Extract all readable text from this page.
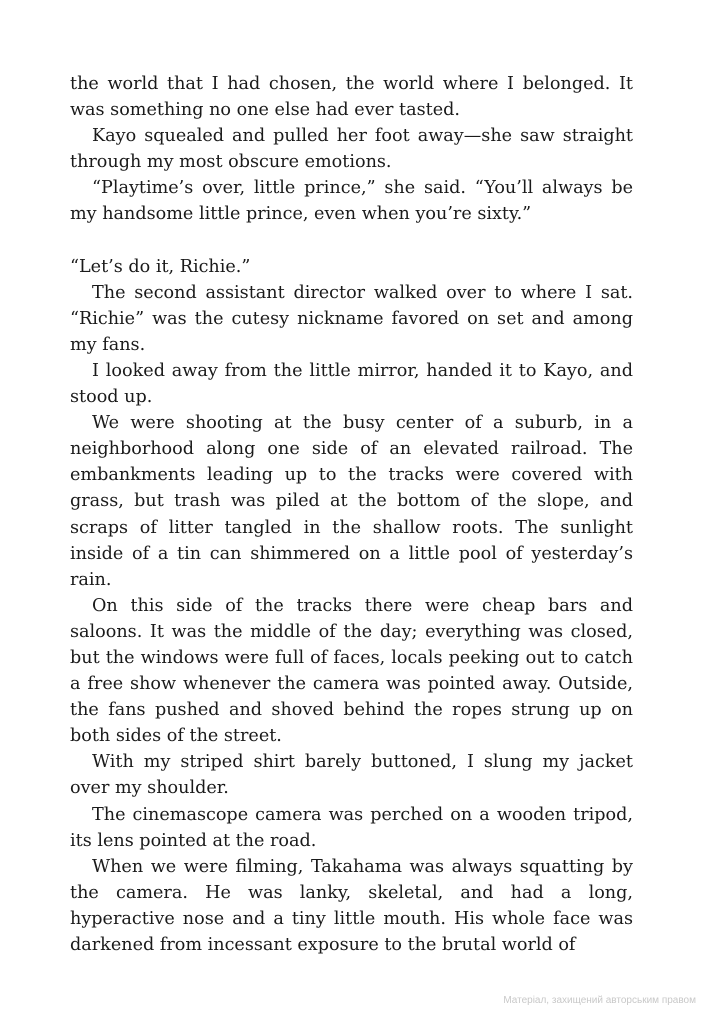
the world that I had chosen, the world where I belonged. It was something no one else had ever tasted.

Kayo squealed and pulled her foot away—she saw straight through my most obscure emotions.

“Playtime’s over, little prince,” she said. “You’ll always be my handsome little prince, even when you’re sixty.”

“Let’s do it, Richie.”

The second assistant director walked over to where I sat. “Richie” was the cutesy nickname favored on set and among my fans.

I looked away from the little mirror, handed it to Kayo, and stood up.

We were shooting at the busy center of a suburb, in a neighborhood along one side of an elevated railroad. The embankments leading up to the tracks were covered with grass, but trash was piled at the bottom of the slope, and scraps of litter tangled in the shallow roots. The sunlight inside of a tin can shimmered on a little pool of yesterday’s rain.

On this side of the tracks there were cheap bars and saloons. It was the middle of the day; everything was closed, but the windows were full of faces, locals peeking out to catch a free show whenever the camera was pointed away. Outside, the fans pushed and shoved behind the ropes strung up on both sides of the street.

With my striped shirt barely buttoned, I slung my jacket over my shoulder.

The cinemascope camera was perched on a wooden tripod, its lens pointed at the road.

When we were filming, Takahama was always squatting by the camera. He was lanky, skeletal, and had a long, hyperactive nose and a tiny little mouth. His whole face was darkened from incessant exposure to the brutal world of

Матеріал, захищений авторським правом
